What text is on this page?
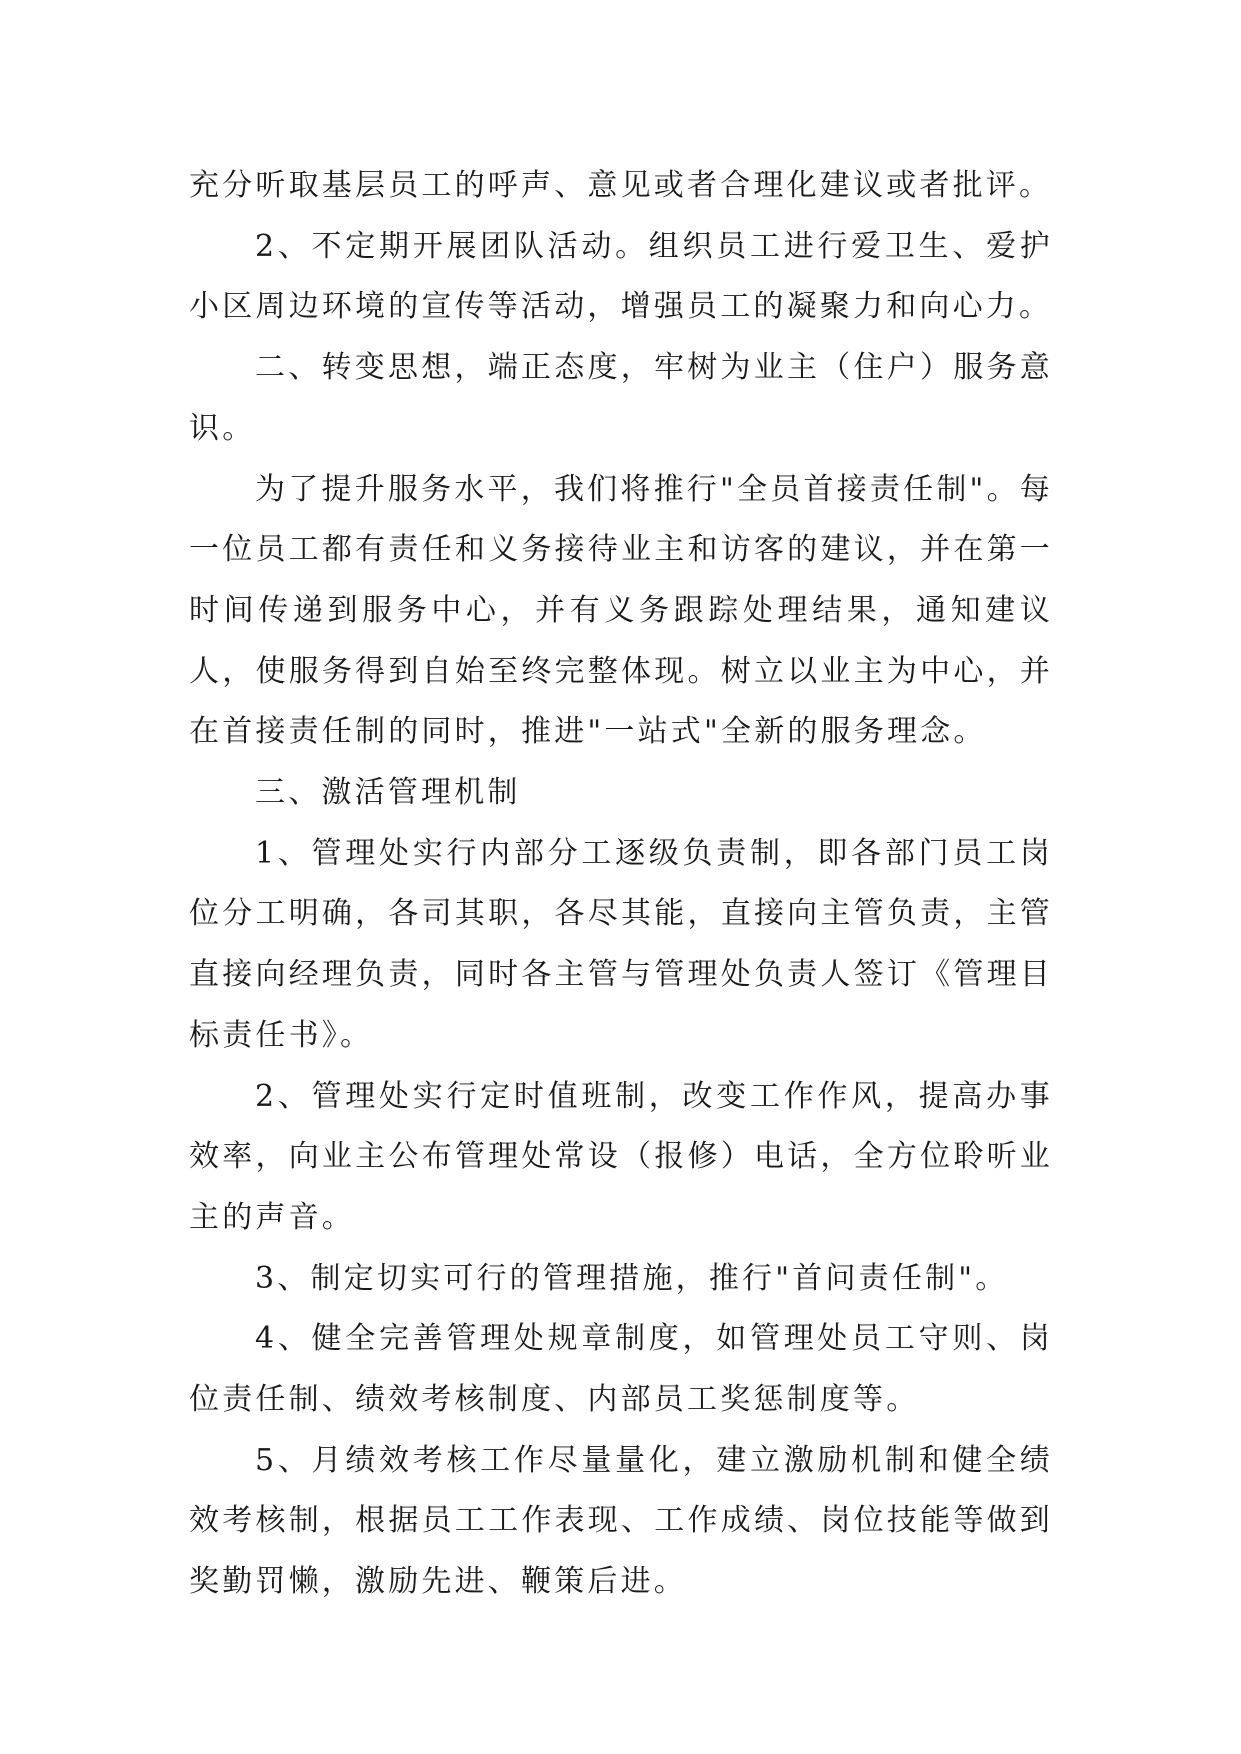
充分听取基层员工的呼声、意见或者合理化建议或者批评。

2、不定期开展团队活动。组织员工进行爱卫生、爱护小区周边环境的宣传等活动，增强员工的凝聚力和向心力。

二、转变思想，端正态度，牢树为业主（住户）服务意识。

为了提升服务水平，我们将推行"全员首接责任制"。每一位员工都有责任和义务接待业主和访客的建议，并在第一时间传递到服务中心，并有义务跟踪处理结果，通知建议人，使服务得到自始至终完整体现。树立以业主为中心，并在首接责任制的同时，推进"一站式"全新的服务理念。

三、激活管理机制

1、管理处实行内部分工逐级负责制，即各部门员工岗位分工明确，各司其职，各尽其能，直接向主管负责，主管直接向经理负责，同时各主管与管理处负责人签订《管理目标责任书》。

2、管理处实行定时值班制，改变工作作风，提高办事效率，向业主公布管理处常设（报修）电话，全方位聆听业主的声音。

3、制定切实可行的管理措施，推行"首问责任制"。

4、健全完善管理处规章制度，如管理处员工守则、岗位责任制、绩效考核制度、内部员工奖惩制度等。

5、月绩效考核工作尽量量化，建立激励机制和健全绩效考核制，根据员工工作表现、工作成绩、岗位技能等做到奖勤罚懒，激励先进、鞭策后进。
